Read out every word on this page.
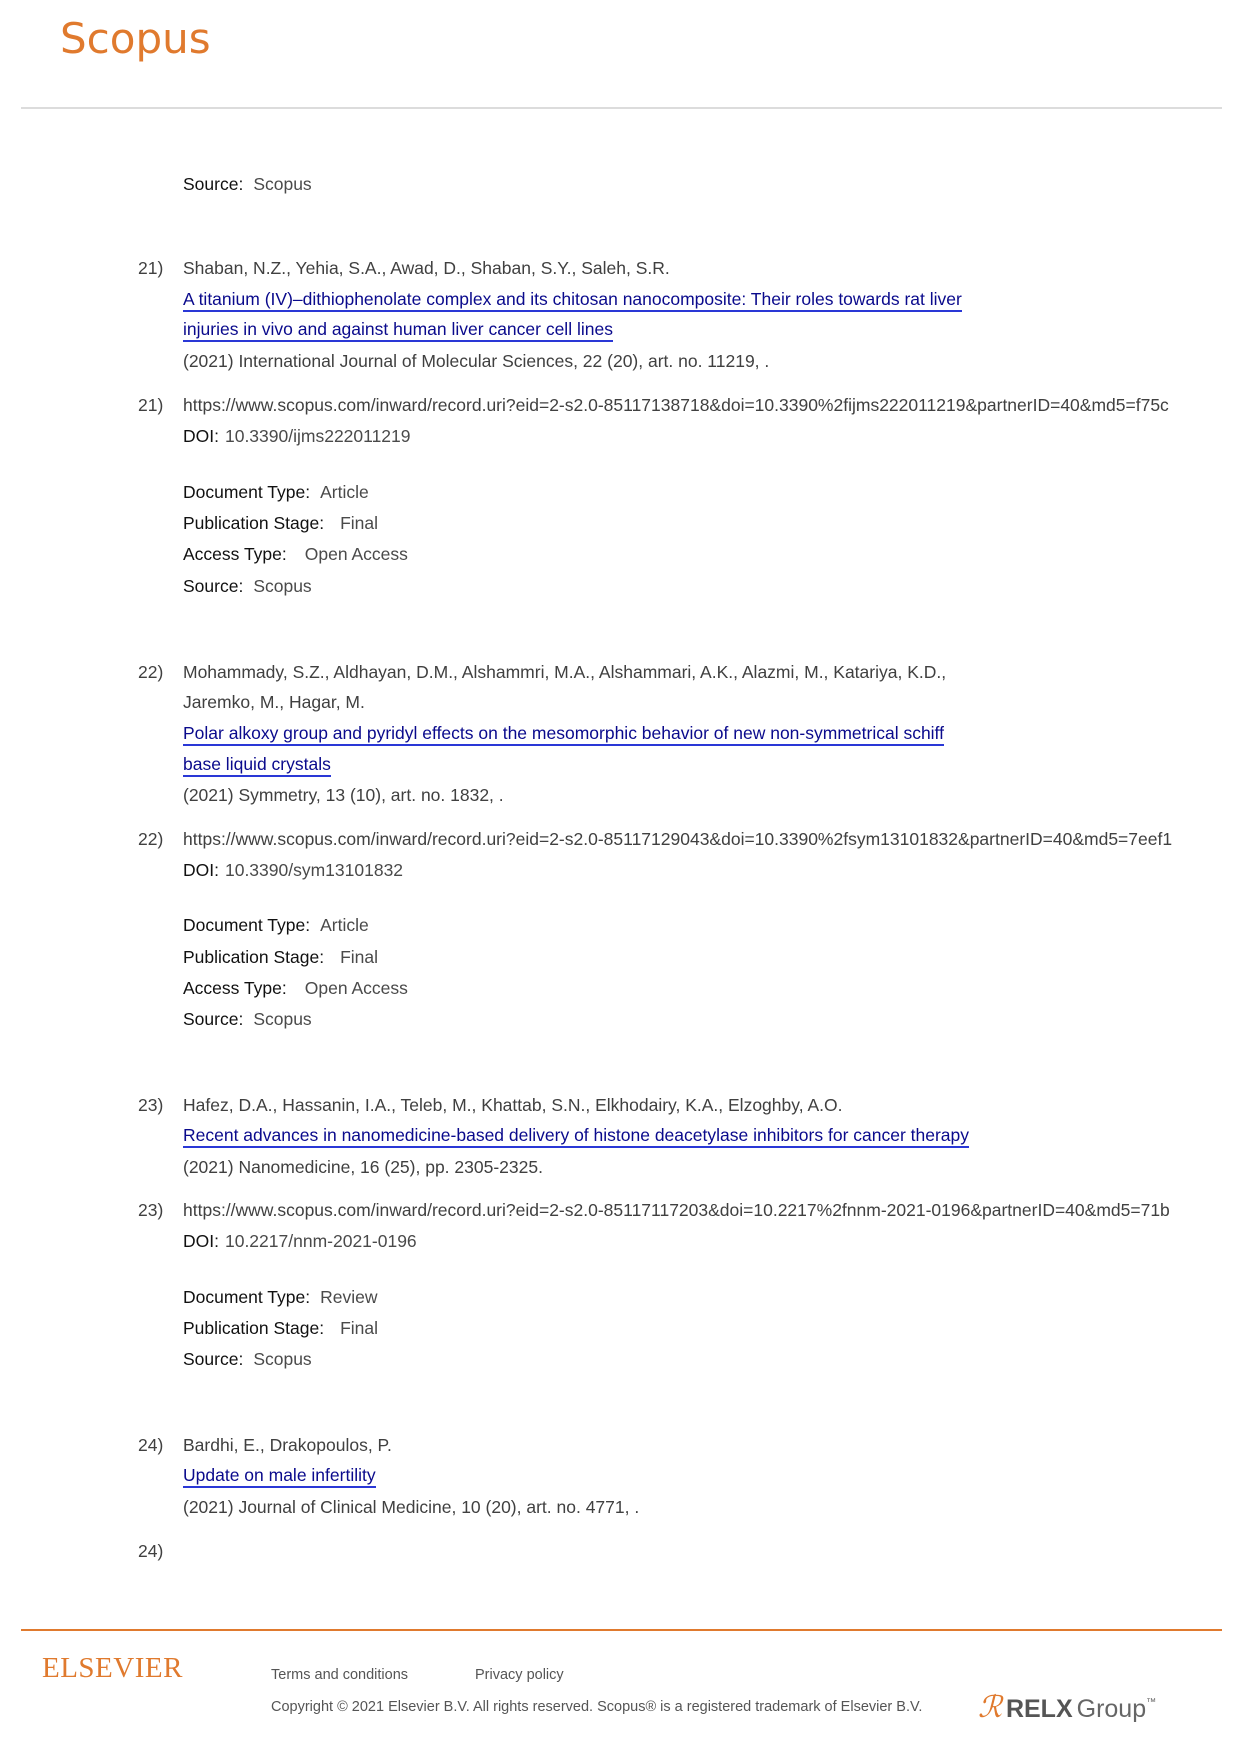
Scopus
Source: Scopus
21) Shaban, N.Z., Yehia, S.A., Awad, D., Shaban, S.Y., Saleh, S.R.
A titanium (IV)–dithiophenolate complex and its chitosan nanocomposite: Their roles towards rat liver
injuries in vivo and against human liver cancer cell lines
(2021) International Journal of Molecular Sciences, 22 (20), art. no. 11219, .
21) https://www.scopus.com/inward/record.uri?eid=2-s2.0-85117138718&doi=10.3390%2fijms222011219&partnerID=40&md5=f75c
DOI: 10.3390/ijms222011219
Document Type: Article
Publication Stage: Final
Access Type: Open Access
Source: Scopus
22) Mohammady, S.Z., Aldhayan, D.M., Alshammri, M.A., Alshammari, A.K., Alazmi, M., Katariya, K.D.,
Jaremko, M., Hagar, M.
Polar alkoxy group and pyridyl effects on the mesomorphic behavior of new non-symmetrical schiff
base liquid crystals
(2021) Symmetry, 13 (10), art. no. 1832, .
22) https://www.scopus.com/inward/record.uri?eid=2-s2.0-85117129043&doi=10.3390%2fsym13101832&partnerID=40&md5=7eef1
DOI: 10.3390/sym13101832
Document Type: Article
Publication Stage: Final
Access Type: Open Access
Source: Scopus
23) Hafez, D.A., Hassanin, I.A., Teleb, M., Khattab, S.N., Elkhodairy, K.A., Elzoghby, A.O.
Recent advances in nanomedicine-based delivery of histone deacetylase inhibitors for cancer therapy
(2021) Nanomedicine, 16 (25), pp. 2305-2325.
23) https://www.scopus.com/inward/record.uri?eid=2-s2.0-85117117203&doi=10.2217%2fnnm-2021-0196&partnerID=40&md5=71b
DOI: 10.2217/nnm-2021-0196
Document Type: Review
Publication Stage: Final
Source: Scopus
24) Bardhi, E., Drakopoulos, P.
Update on male infertility
(2021) Journal of Clinical Medicine, 10 (20), art. no. 4771, .
24)
ELSEVIER	Terms and conditions	Privacy policy
Copyright © 2021 Elsevier B.V. All rights reserved. Scopus® is a registered trademark of Elsevier B.V. ℛ RELX Group ™
